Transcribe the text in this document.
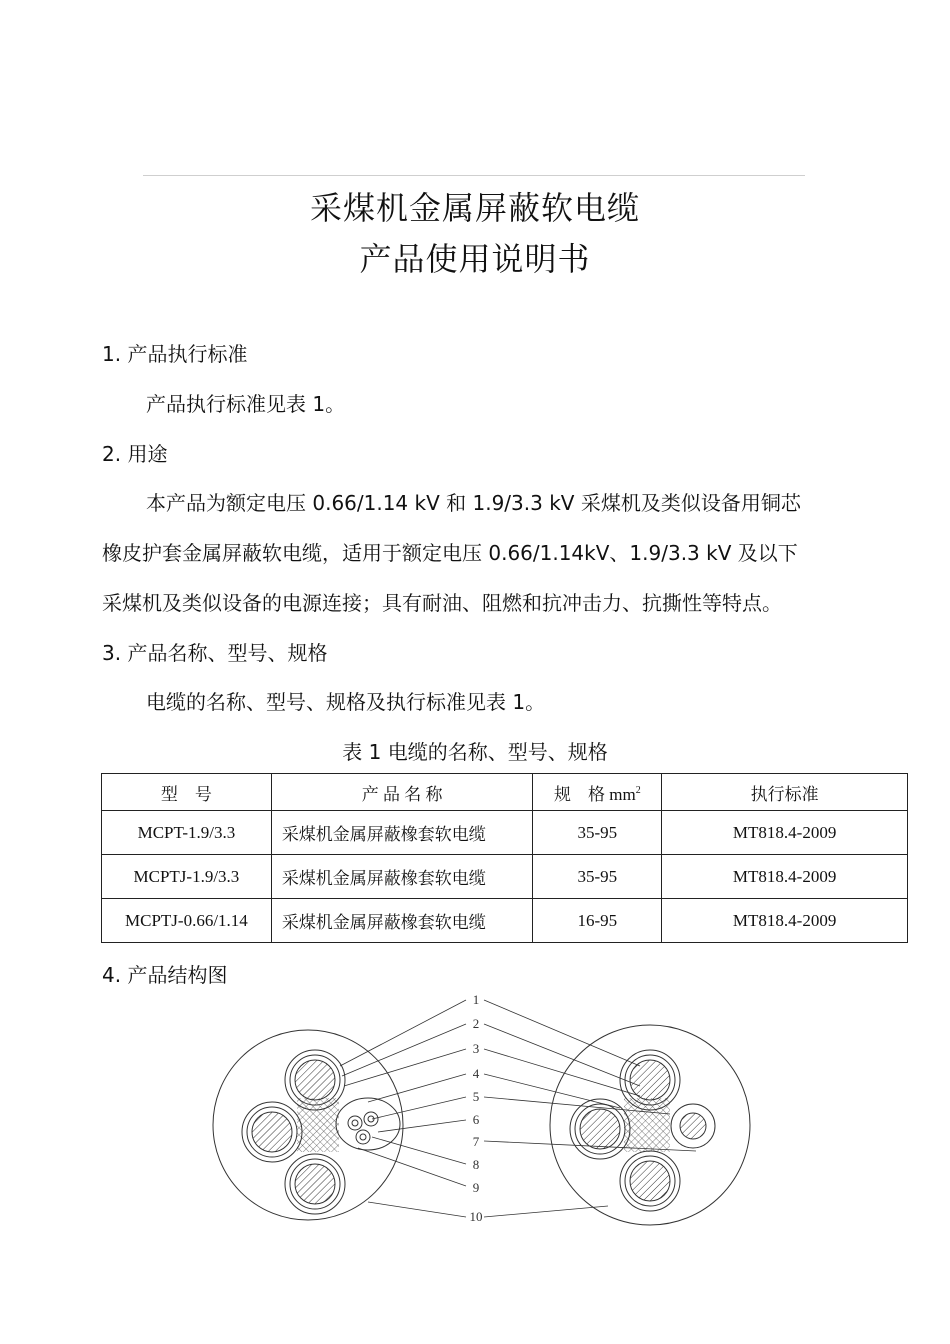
采煤机金属屏蔽软电缆
产品使用说明书
1. 产品执行标准
产品执行标准见表 1。
2. 用途
本产品为额定电压 0.66/1.14 kV 和 1.9/3.3 kV 采煤机及类似设备用铜芯
橡皮护套金属屏蔽软电缆，适用于额定电压 0.66/1.14kV、1.9/3.3 kV 及以下
采煤机及类似设备的电源连接；具有耐油、阻燃和抗冲击力、抗撕性等特点。
3. 产品名称、型号、规格
电缆的名称、型号、规格及执行标准见表 1。
表 1 电缆的名称、型号、规格
型　号	产 品 名 称	规　格 $mm^2$	执行标准
MCPT-1.9/3.3	采煤机金属屏蔽橡套软电缆	35-95	MT818.4-2009
MCPTJ-1.9/3.3	采煤机金属屏蔽橡套软电缆	35-95	MT818.4-2009
MCPTJ-0.66/1.14	采煤机金属屏蔽橡套软电缆	16-95	MT818.4-2009
4. 产品结构图
1
2
3
4
5
6
7
8
9
10
